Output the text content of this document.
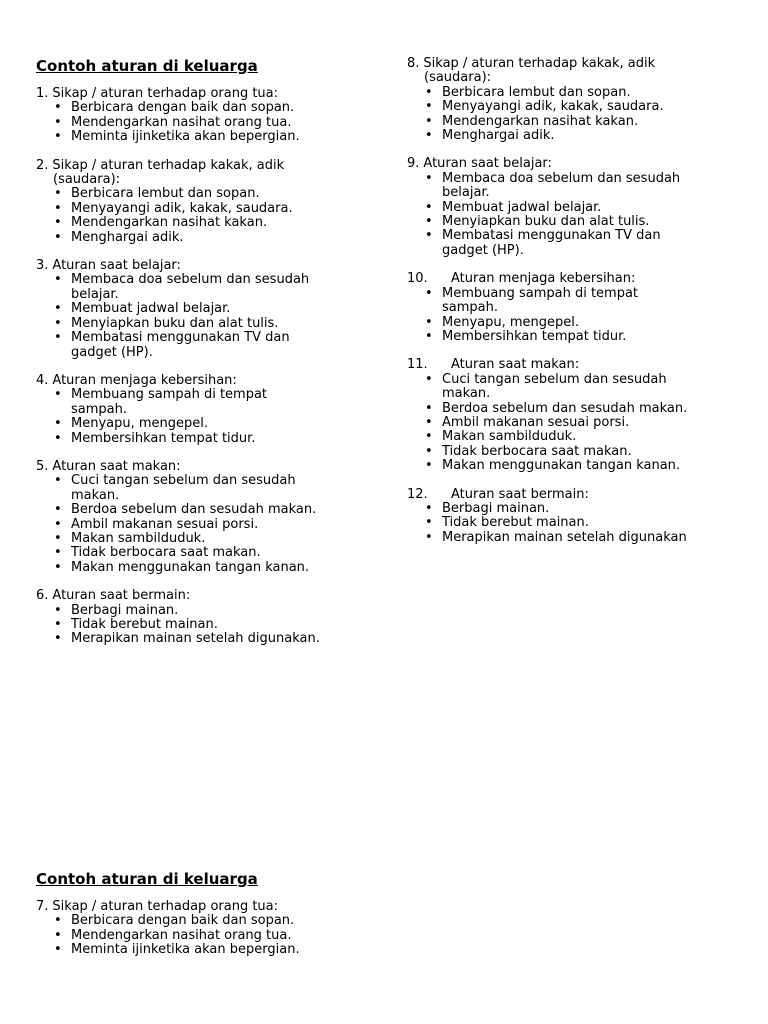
Contoh aturan di keluarga
1. Sikap / aturan terhadap orang tua:
• Berbicara dengan baik dan sopan.
• Mendengarkan nasihat orang tua.
• Meminta ijinketika akan bepergian.
2. Sikap / aturan terhadap kakak, adik
(saudara):
• Berbicara lembut dan sopan.
• Menyayangi adik, kakak, saudara.
• Mendengarkan nasihat kakan.
• Menghargai adik.
3. Aturan saat belajar:
• Membaca doa sebelum dan sesudah
belajar.
• Membuat jadwal belajar.
• Menyiapkan buku dan alat tulis.
• Membatasi menggunakan TV dan
gadget (HP).
4. Aturan menjaga kebersihan:
• Membuang sampah di tempat
sampah.
• Menyapu, mengepel.
• Membersihkan tempat tidur.
5. Aturan saat makan:
• Cuci tangan sebelum dan sesudah
makan.
• Berdoa sebelum dan sesudah makan.
• Ambil makanan sesuai porsi.
• Makan sambilduduk.
• Tidak berbocara saat makan.
• Makan menggunakan tangan kanan.
6. Aturan saat bermain:
• Berbagi mainan.
• Tidak berebut mainan.
• Merapikan mainan setelah digunakan.
8. Sikap / aturan terhadap kakak, adik
(saudara):
• Berbicara lembut dan sopan.
• Menyayangi adik, kakak, saudara.
• Mendengarkan nasihat kakan.
• Menghargai adik.
9. Aturan saat belajar:
• Membaca doa sebelum dan sesudah
belajar.
• Membuat jadwal belajar.
• Menyiapkan buku dan alat tulis.
• Membatasi menggunakan TV dan
gadget (HP).
10.	Aturan menjaga kebersihan:
• Membuang sampah di tempat
sampah.
• Menyapu, mengepel.
• Membersihkan tempat tidur.
11.	Aturan saat makan:
• Cuci tangan sebelum dan sesudah
makan.
• Berdoa sebelum dan sesudah makan.
• Ambil makanan sesuai porsi.
• Makan sambilduduk.
• Tidak berbocara saat makan.
• Makan menggunakan tangan kanan.
12.	Aturan saat bermain:
• Berbagi mainan.
• Tidak berebut mainan.
• Merapikan mainan setelah digunakan
Contoh aturan di keluarga
7. Sikap / aturan terhadap orang tua:
• Berbicara dengan baik dan sopan.
• Mendengarkan nasihat orang tua.
• Meminta ijinketika akan bepergian.
